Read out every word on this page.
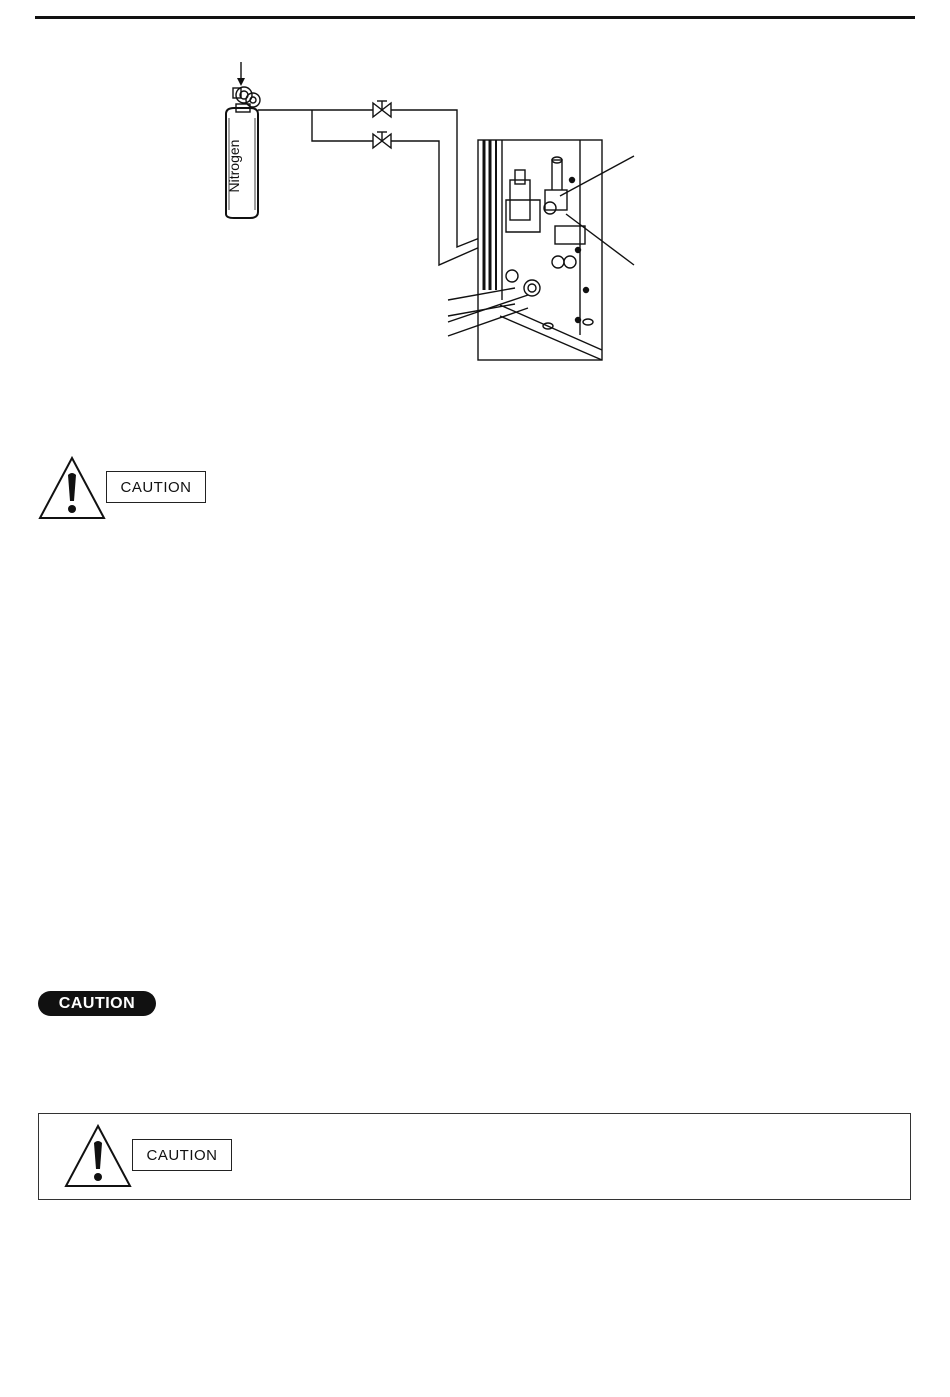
Nitrogen
CAUTION
CAUTION
CAUTION
